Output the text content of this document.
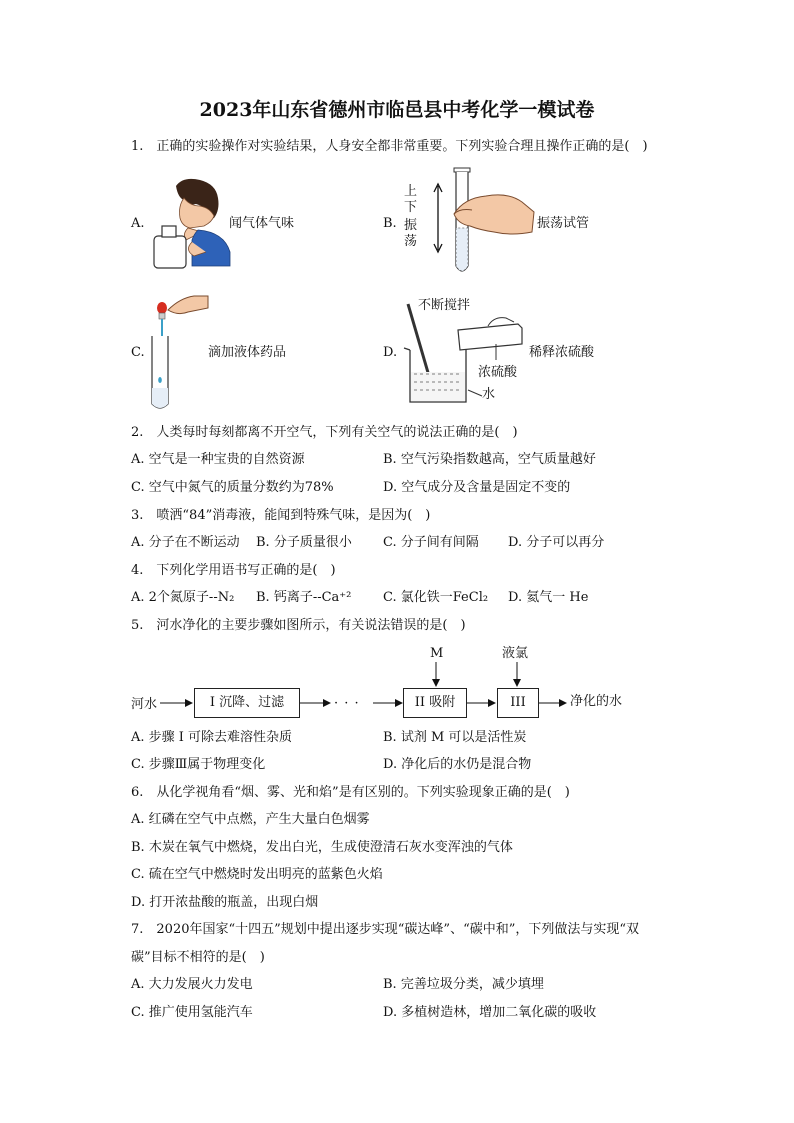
2023年山东省德州市临邑县中考化学一模试卷
1.　正确的实验操作对实验结果，人身安全都非常重要。下列实验合理且操作正确的是(　)
A.	闻气体气味	B.
上
下
振
荡
振荡试管
C.	滴加液体药品	D.
不断搅拌
稀释浓硫酸
浓硫酸
水
2.　人类每时每刻都离不开空气，下列有关空气的说法正确的是(　)
A. 空气是一种宝贵的自然资源	B. 空气污染指数越高，空气质量越好
C. 空气中氮气的质量分数约为78%	D. 空气成分及含量是固定不变的
3.　喷洒“84”消毒液，能闻到特殊气味，是因为(　)
A. 分子在不断运动 B. 分子质量很小 C. 分子间有间隔 D. 分子可以再分
4.　下列化学用语书写正确的是(　)
A. 2个氮原子--N₂ B. 钙离子--Ca⁺² C. 氯化铁一FeCl₂ D. 氦气一 He
5.　河水净化的主要步骤如图所示，有关说法错误的是(　)
河水	I 沉降、过滤	· · ·	II 吸附	III
M	液氯
净化的水
A. 步骤 I 可除去难溶性杂质	B. 试剂 M 可以是活性炭
C. 步骤Ⅲ属于物理变化	D. 净化后的水仍是混合物
6.　从化学视角看“烟、雾、光和焰”是有区别的。下列实验现象正确的是(　)
A. 红磷在空气中点燃，产生大量白色烟雾
B. 木炭在氧气中燃烧，发出白光，生成使澄清石灰水变浑浊的气体
C. 硫在空气中燃烧时发出明亮的蓝紫色火焰
D. 打开浓盐酸的瓶盖，出现白烟
7.　2020年国家“十四五”规划中提出逐步实现“碳达峰”、“碳中和”，下列做法与实现“双
碳”目标不相符的是(　)
A. 大力发展火力发电	B. 完善垃圾分类，减少填埋
C. 推广使用氢能汽车	D. 多植树造林，增加二氧化碳的吸收
